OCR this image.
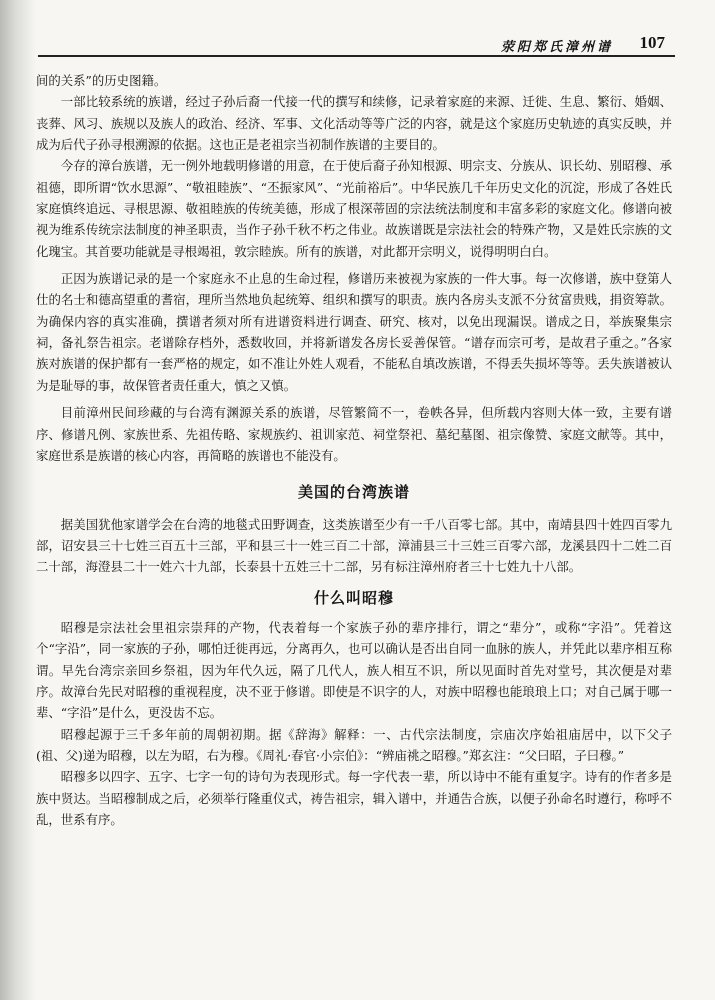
荥阳郑氏漳州谱 107

间的关系”的历史图籍。

一部比较系统的族谱，经过子孙后裔一代接一代的撰写和续修，记录着家庭的来源、迁徙、生息、繁衍、婚姻、丧葬、风习、族规以及族人的政治、经济、军事、文化活动等等广泛的内容，就是这个家庭历史轨迹的真实反映，并成为后代子孙寻根溯源的依据。这也正是老祖宗当初制作族谱的主要目的。

今存的漳台族谱，无一例外地载明修谱的用意，在于使后裔子孙知根源、明宗支、分族从、识长幼、别昭穆、承祖德，即所谓“饮水思源”、“敬祖睦族”、“丕振家风”、“光前裕后”。中华民族几千年历史文化的沉淀，形成了各姓氏家庭慎终追远、寻根思源、敬祖睦族的传统美德，形成了根深蒂固的宗法统法制度和丰富多彩的家庭文化。修谱向被视为维系传统宗法制度的神圣职责，当作子孙千秋不朽之伟业。故族谱既是宗法社会的特殊产物，又是姓氏宗族的文化瑰宝。其首要功能就是寻根竭祖，敦宗睦族。所有的族谱，对此都开宗明义，说得明明白白。

正因为族谱记录的是一个家庭永不止息的生命过程，修谱历来被视为家族的一件大事。每一次修谱，族中登第人仕的名士和德高望重的耆宿，理所当然地负起统筹、组织和撰写的职责。族内各房头支派不分贫富贵贱，捐资筹款。为确保内容的真实准确，撰谱者须对所有进谱资料进行调查、研究、核对，以免出现漏误。谱成之日，举族聚集宗祠，备礼祭告祖宗。老谱除存档外，悉数收回，并将新谱发各房长妥善保管。“谱存而宗可考，是故君子重之。”各家族对族谱的保护都有一套严格的规定，如不准让外姓人观看，不能私自填改族谱，不得丢失损坏等等。丢失族谱被认为是耻辱的事，故保管者责任重大，慎之又慎。

目前漳州民间珍藏的与台湾有渊源关系的族谱，尽管繁简不一，卷帙各异，但所载内容则大体一致，主要有谱序、修谱凡例、家族世系、先祖传略、家规族约、祖训家范、祠堂祭祀、墓纪墓图、祖宗像赞、家庭文献等。其中，家庭世系是族谱的核心内容，再简略的族谱也不能没有。

美国的台湾族谱

据美国犹他家谱学会在台湾的地毯式田野调查，这类族谱至少有一千八百零七部。其中，南靖县四十姓四百零九部，诏安县三十七姓三百五十三部，平和县三十一姓三百二十部，漳浦县三十三姓三百零六部，龙溪县四十二姓二百二十部，海澄县二十一姓六十九部，长泰县十五姓三十二部，另有标注漳州府者三十七姓九十八部。

什么叫昭穆

昭穆是宗法社会里祖宗崇拜的产物，代表着每一个家族子孙的辈序排行，谓之“辈分”，或称“字沿”。凭着这个“字沿”，同一家族的子孙，哪怕迁徙再远，分离再久，也可以确认是否出自同一血脉的族人，并凭此以辈序相互称谓。早先台湾宗亲回乡祭祖，因为年代久远，隔了几代人，族人相互不识，所以见面时首先对堂号，其次便是对辈序。故漳台先民对昭穆的重视程度，决不亚于修谱。即使是不识字的人，对族中昭穆也能琅琅上口；对自己属于哪一辈、“字沿”是什么，更没齿不忘。

昭穆起源于三千多年前的周朝初期。据《辞海》解释：一、古代宗法制度，宗庙次序始祖庙居中，以下父子(祖、父)递为昭穆，以左为昭，右为穆。《周礼·春官·小宗伯》：“辨庙祧之昭穆。”郑玄注：“父曰昭，子曰穆。”

昭穆多以四字、五字、七字一句的诗句为表现形式。每一字代表一辈，所以诗中不能有重复字。诗有的作者多是族中贤达。当昭穆制成之后，必须举行隆重仪式，祷告祖宗，辑入谱中，并通告合族，以便子孙命名时遵行，称呼不乱，世系有序。
